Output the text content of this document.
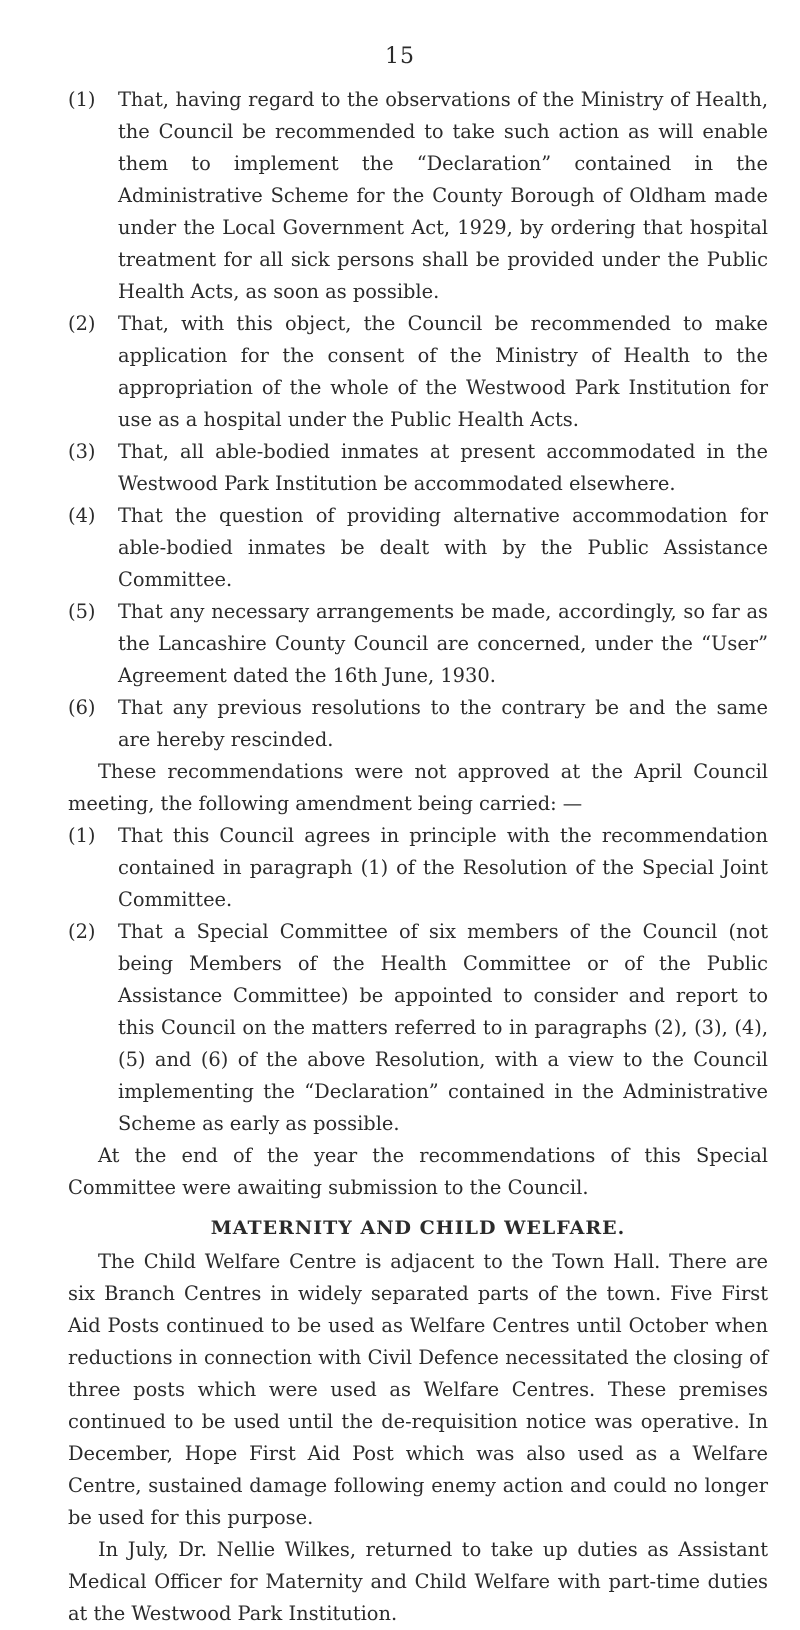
15
(1)	That, having regard to the observations of the Ministry of Health, the Council be recommended to take such action as will enable them to implement the “Declaration” contained in the Administrative Scheme for the County Borough of Oldham made under the Local Government Act, 1929, by ordering that hospital treatment for all sick persons shall be provided under the Public Health Acts, as soon as possible.
(2)	That, with this object, the Council be recommended to make application for the consent of the Ministry of Health to the appropriation of the whole of the Westwood Park Institution for use as a hospital under the Public Health Acts.
(3)	That, all able-bodied inmates at present accommodated in the Westwood Park Institution be accommodated elsewhere.
(4)	That the question of providing alternative accommodation for able-bodied inmates be dealt with by the Public Assistance Committee.
(5)	That any necessary arrangements be made, accordingly, so far as the Lancashire County Council are concerned, under the “User” Agreement dated the 16th June, 1930.
(6)	That any previous resolutions to the contrary be and the same are hereby rescinded.

These recommendations were not approved at the April Council meeting, the following amendment being carried: —

(1)	That this Council agrees in principle with the recommendation contained in paragraph (1) of the Resolution of the Special Joint Committee.
(2)	That a Special Committee of six members of the Council (not being Members of the Health Committee or of the Public Assistance Committee) be appointed to consider and report to this Council on the matters referred to in paragraphs (2), (3), (4), (5) and (6) of the above Resolution, with a view to the Council implementing the “Declaration” contained in the Administrative Scheme as early as possible.

At the end of the year the recommendations of this Special Committee were awaiting submission to the Council.

MATERNITY AND CHILD WELFARE.

The Child Welfare Centre is adjacent to the Town Hall. There are six Branch Centres in widely separated parts of the town. Five First Aid Posts continued to be used as Welfare Centres until October when reductions in connection with Civil Defence necessitated the closing of three posts which were used as Welfare Centres. These premises continued to be used until the de-requisition notice was operative. In December, Hope First Aid Post which was also used as a Welfare Centre, sustained damage following enemy action and could no longer be used for this purpose.

In July, Dr. Nellie Wilkes, returned to take up duties as Assistant Medical Officer for Maternity and Child Welfare with part-time duties at the Westwood Park Institution.
